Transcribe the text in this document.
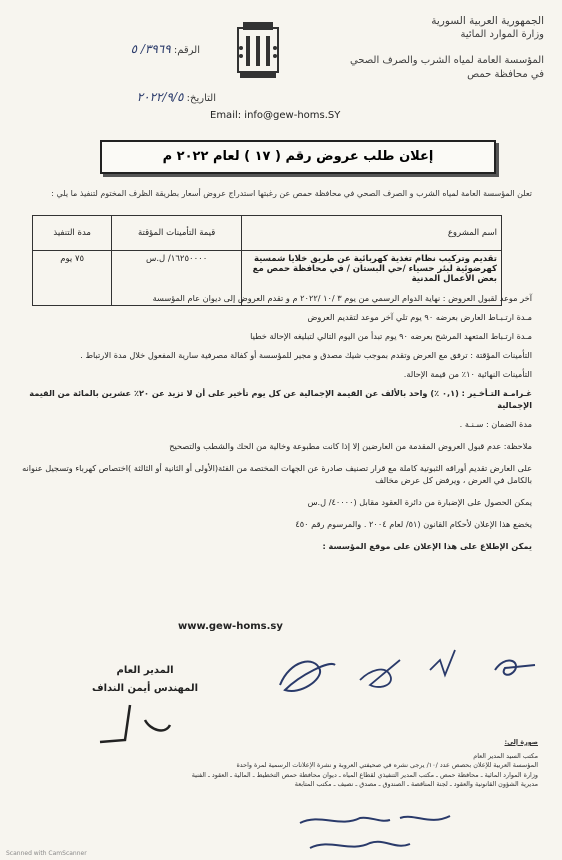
الجمهورية العربية السورية
وزارة الموارد المائية
المؤسسة العامة لمياه الشرب والصرف الصحي
في محافظة حمص
الرقم: ٣٩٦٩/ ٥
التاريخ: ٢٠٢٢/٩/٥
Email: info@gew-homs.SY
إعلان طلب عروض رقم ( ١٧ ) لعام ٢٠٢٢ م
تعلن المؤسسة العامة لمياه الشرب و الصرف الصحي في محافظة حمص عن رغبتها استدراج عروض أسعار بطريقة الظرف المختوم لتنفيذ ما يلي :
اسم المشروع	قيمة التأمينات المؤقتة	مدة التنفيذ
تقديم وتركيب نظام تغذية كهربائية عن طريق خلايا شمسية كهرضوئية لبئر حسياء /حي البستان / في محافظة حمص مع بعض الأعمال المدنية	١٦٢٥٠٠٠٠/ ل.س	٧٥ يوم

آخر موعد لقبول العروض : نهاية الدوام الرسمي من يوم ٣ /١٠ /٢٠٢٢ م و تقدم العروض إلى ديوان عام المؤسسة

مـدة ارتـبـاط العارض بعرضه ٩٠ يوم تلي آخر موعد لتقديم العروض

مـدة ارتـباط المتعهد المرشح بعرضه ٩٠ يوم تبدأ من اليوم التالي لتبليغه الإحالة خطيا

التأمينات المؤقتة : ترفق مع العرض وتقدم بموجب شيك مصدق و مجير للمؤسسة أو كفالة مصرفية سارية المفعول خلال مدة الارتباط .

التأمينات النهائية ١٠٪ من قيمة الإحالة.

غـرامـة التـأخـير : (٠,١ ٪) واحد بالألف عن القيمة الإجمالية عن كل يوم تأخير على أن لا تزيد عن ٢٠٪ عشرين بالمائة من القيمة الإجمالية

مدة الضمان : سـنـة .

ملاحظة: عدم قبول العروض المقدمة من العارضين إلا إذا كانت مطبوعة وخالية من الحك والشطب والتصحيح

على العارض تقديم أوراقه الثبوتية كاملة مع قرار تصنيف صادرة عن الجهات المختصة من الفئة(الأولى أو الثانية أو الثالثة )اختصاص كهرباء وتسجيل عنوانه بالكامل في العرض ، ويرفض كل عرض مخالف

يمكن الحصول على الإضبارة من دائرة العقود مقابل (٤٠٠٠٠/ ل.س

يخضع هذا الإعلان لأحكام القانون (٥١/ لعام ٢٠٠٤ . والمرسوم رقم ٤٥٠

يمكن الإطلاع على هذا الإعلان على موقع المؤسسة :

www.gew-homs.sy
المدير العام
المهندس أيمن النداف

صورة إلى:

مكتب السيد المدير العام

المؤسسة العربية للإعلان بحصص عدد /١٠/ يرجى نشره في صحيفتي العروبة و نشرة الإعلانات الرسمية لمرة واحدة

وزارة الموارد المائية ـ محافظة حمص ـ مكتب المدير التنفيذي لقطاع المياه ـ ديوان محافظة حمص التخطيط ـ المالية ـ العقود ـ الفنية

مديرية الشؤون القانونية والعقود ـ لجنة المناقصة ـ الصندوق ـ مصدق ـ نصيف ـ مكتب المتابعة

Scanned with CamScanner
